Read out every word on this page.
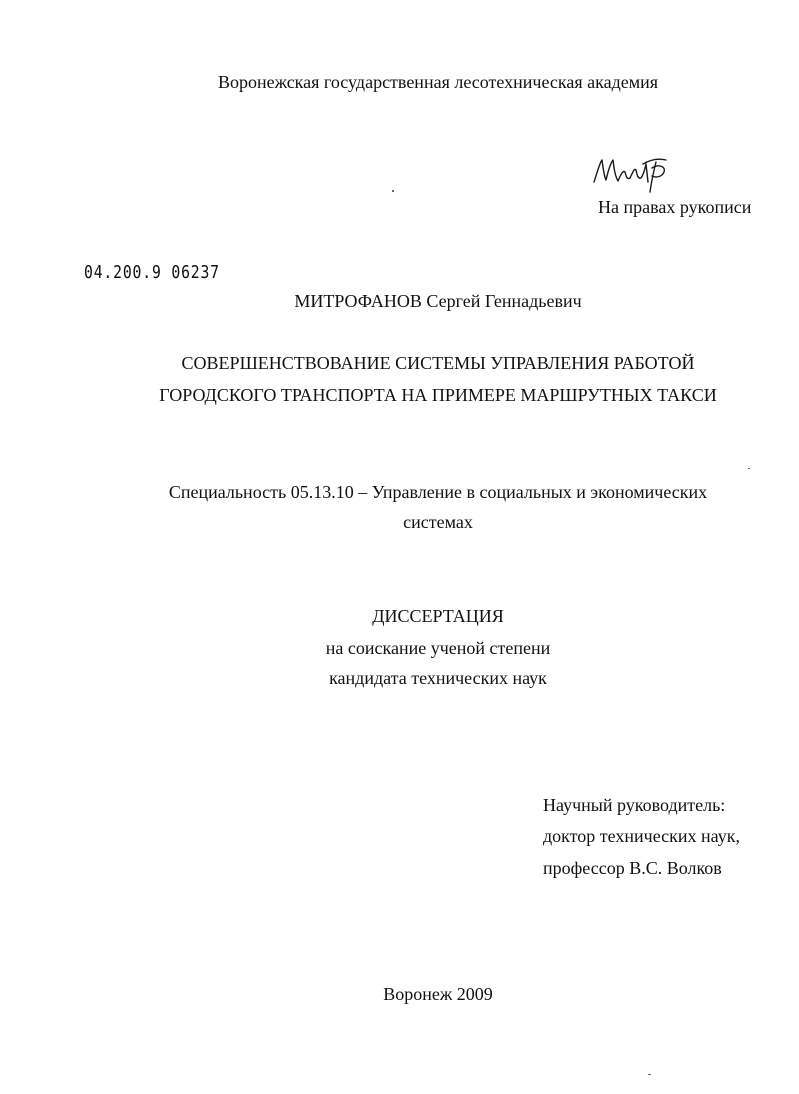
Воронежская государственная лесотехническая академия
На правах рукописи
04.200.9 06237
МИТРОФАНОВ Сергей Геннадьевич
СОВЕРШЕНСТВОВАНИЕ СИСТЕМЫ УПРАВЛЕНИЯ РАБОТОЙ
ГОРОДСКОГО ТРАНСПОРТА НА ПРИМЕРЕ МАРШРУТНЫХ ТАКСИ
Специальность 05.13.10 – Управление в социальных и экономических
системах
ДИССЕРТАЦИЯ
на соискание ученой степени
кандидата технических наук
Научный руководитель:
доктор технических наук,
профессор В.С. Волков
Воронеж 2009
